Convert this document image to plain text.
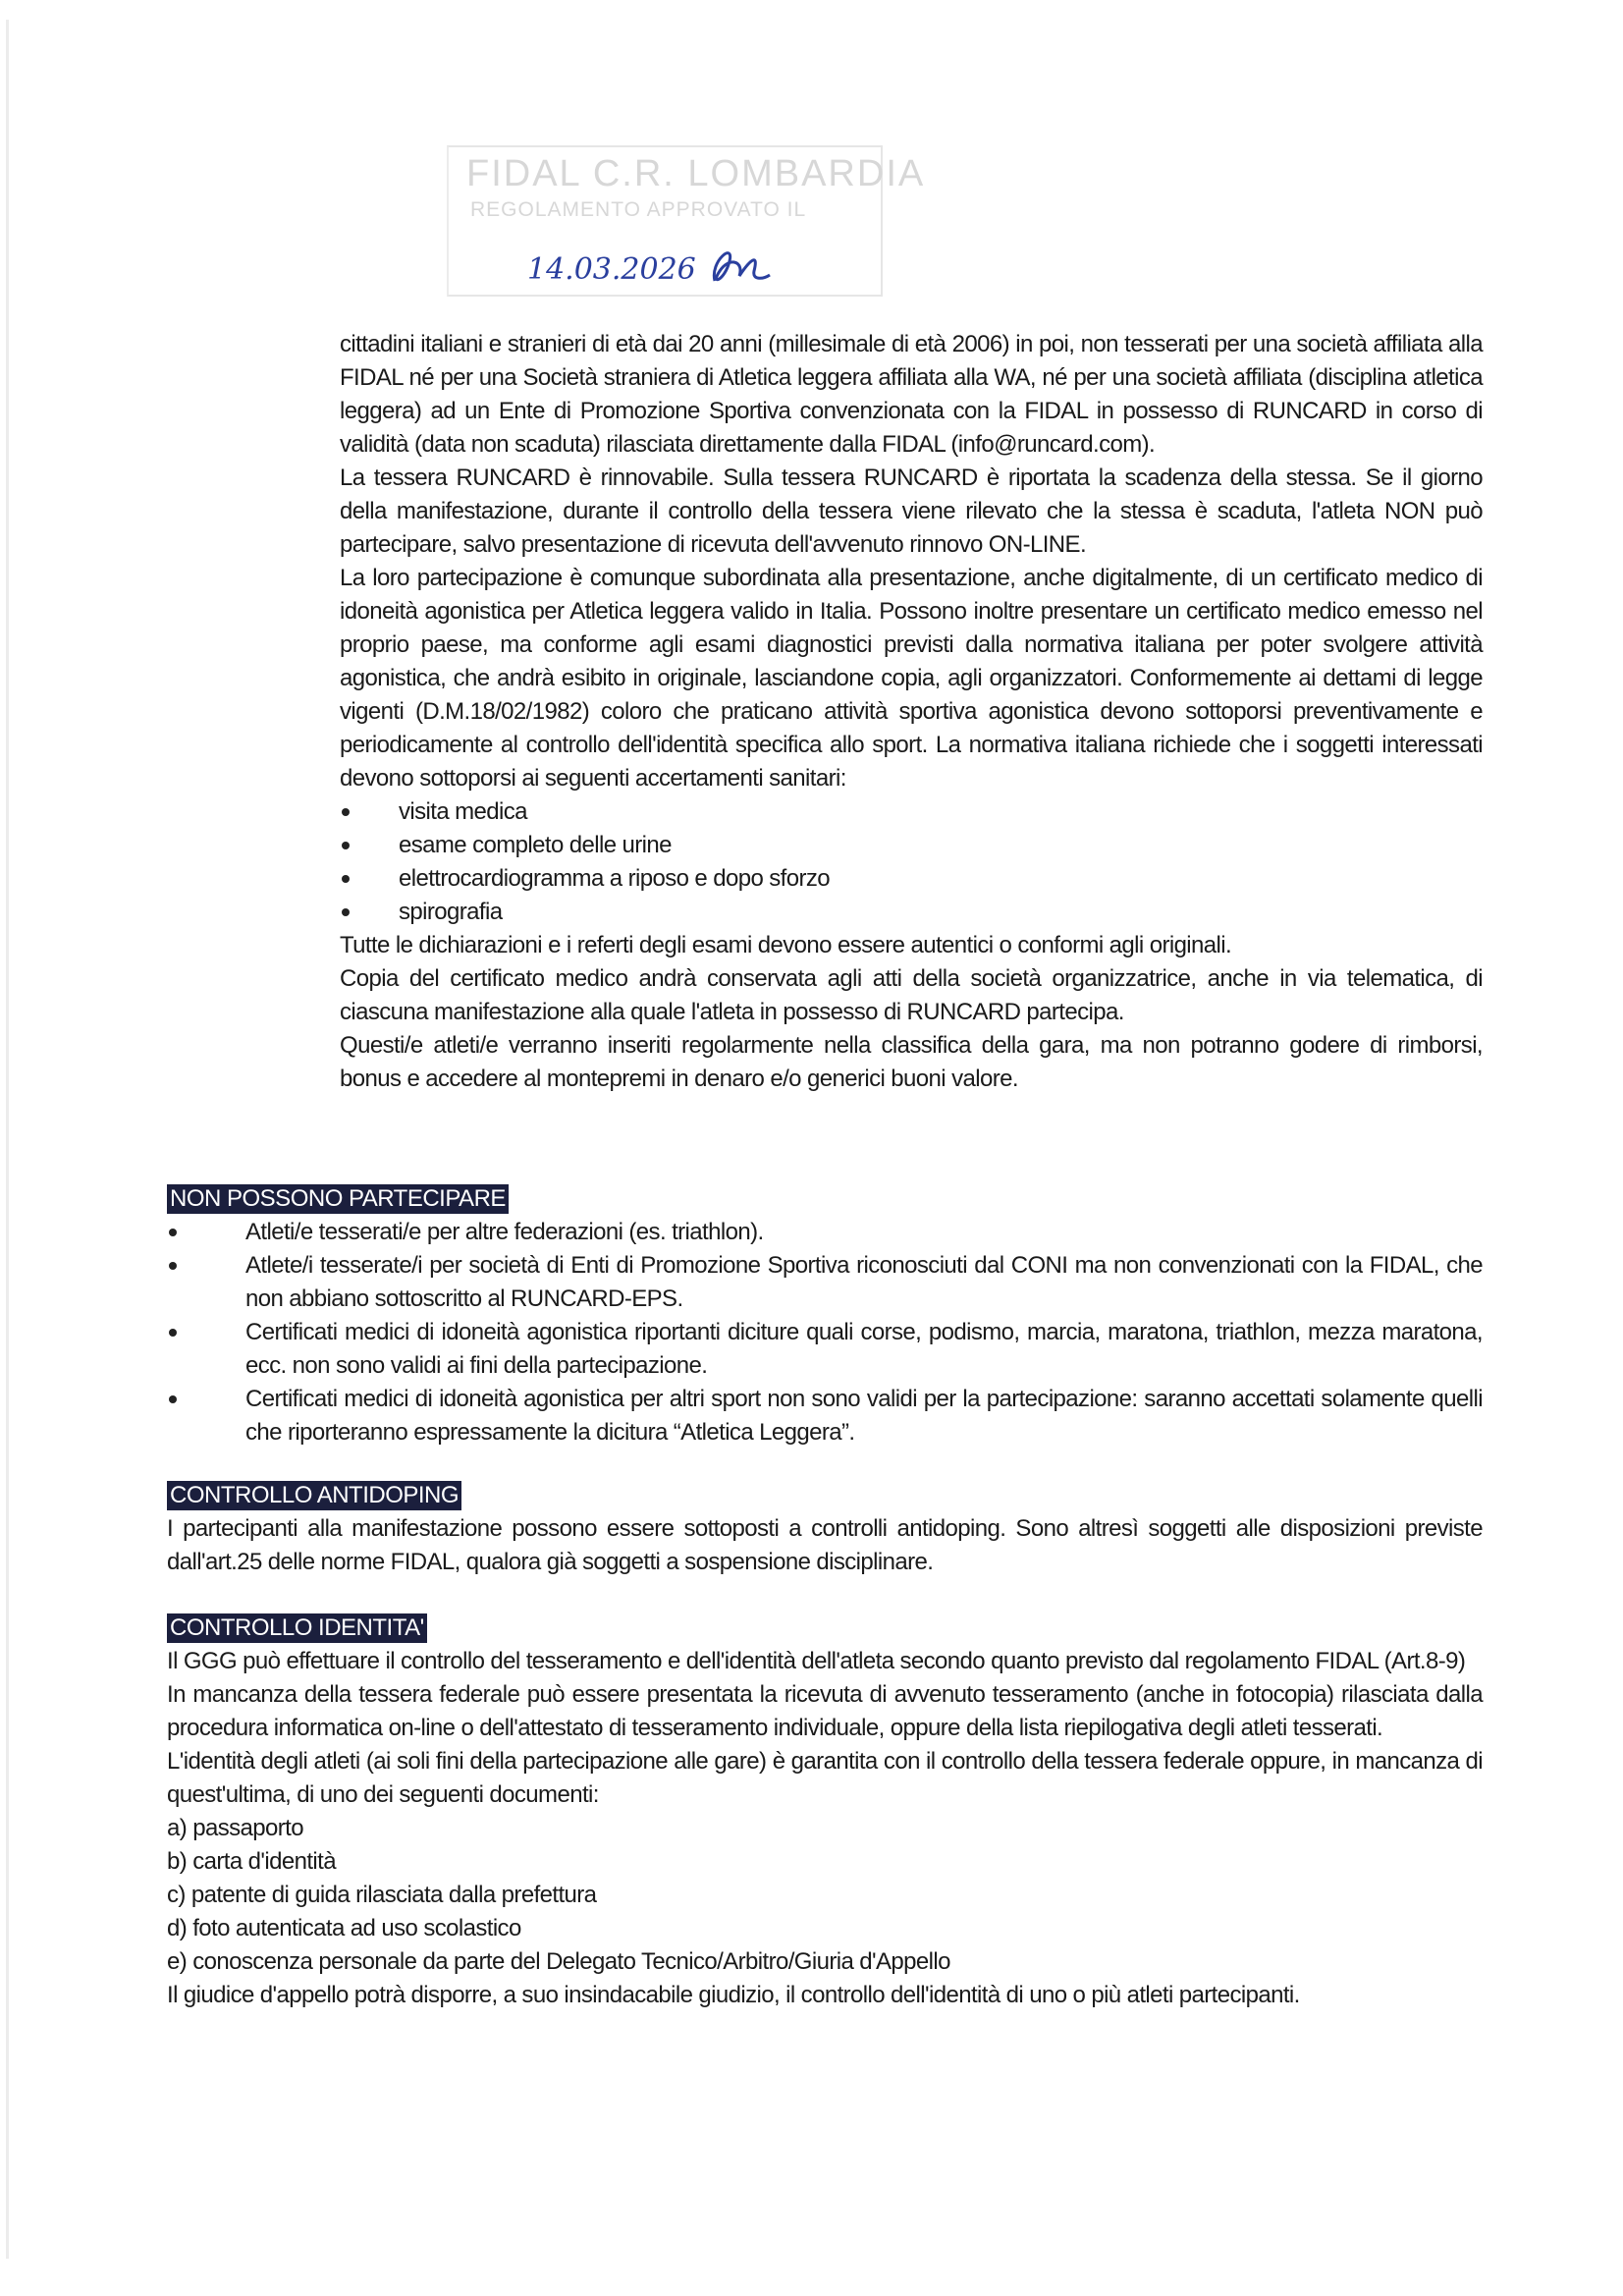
FIDAL C.R. LOMBARDIA
REGOLAMENTO APPROVATO IL
14.03.2026

cittadini italiani e stranieri di età dai 20 anni (millesimale di età 2006) in poi, non tesserati per una società affiliata alla FIDAL né per una Società straniera di Atletica leggera affiliata alla WA, né per una società affiliata (disciplina atletica leggera) ad un Ente di Promozione Sportiva convenzionata con la FIDAL in possesso di RUNCARD in corso di validità (data non scaduta) rilasciata direttamente dalla FIDAL (info@runcard.com).

La tessera RUNCARD è rinnovabile. Sulla tessera RUNCARD è riportata la scadenza della stessa. Se il giorno della manifestazione, durante il controllo della tessera viene rilevato che la stessa è scaduta, l'atleta NON può partecipare, salvo presentazione di ricevuta dell'avvenuto rinnovo ON-LINE.

La loro partecipazione è comunque subordinata alla presentazione, anche digitalmente, di un certificato medico di idoneità agonistica per Atletica leggera valido in Italia. Possono inoltre presentare un certificato medico emesso nel proprio paese, ma conforme agli esami diagnostici previsti dalla normativa italiana per poter svolgere attività agonistica, che andrà esibito in originale, lasciandone copia, agli organizzatori. Conformemente ai dettami di legge vigenti (D.M.18/02/1982) coloro che praticano attività sportiva agonistica devono sottoporsi preventivamente e periodicamente al controllo dell'identità specifica allo sport. La normativa italiana richiede che i soggetti interessati devono sottoporsi ai seguenti accertamenti sanitari:

visita medica
esame completo delle urine
elettrocardiogramma a riposo e dopo sforzo
spirografia

Tutte le dichiarazioni e i referti degli esami devono essere autentici o conformi agli originali.

Copia del certificato medico andrà conservata agli atti della società organizzatrice, anche in via telematica, di ciascuna manifestazione alla quale l'atleta in possesso di RUNCARD partecipa.

Questi/e atleti/e verranno inseriti regolarmente nella classifica della gara, ma non potranno godere di rimborsi, bonus e accedere al montepremi in denaro e/o generici buoni valore.

NON POSSONO PARTECIPARE
Atleti/e tesserati/e per altre federazioni (es. triathlon).
Atlete/i tesserate/i per società di Enti di Promozione Sportiva riconosciuti dal CONI ma non convenzionati con la FIDAL, che non abbiano sottoscritto al RUNCARD-EPS.
Certificati medici di idoneità agonistica riportanti diciture quali corse, podismo, marcia, maratona, triathlon, mezza maratona, ecc. non sono validi ai fini della partecipazione.
Certificati medici di idoneità agonistica per altri sport non sono validi per la partecipazione: saranno accettati solamente quelli che riporteranno espressamente la dicitura “Atletica Leggera”.
CONTROLLO ANTIDOPING

I partecipanti alla manifestazione possono essere sottoposti a controlli antidoping. Sono altresì soggetti alle disposizioni previste dall'art.25 delle norme FIDAL, qualora già soggetti a sospensione disciplinare.

CONTROLLO IDENTITA'

Il GGG può effettuare il controllo del tesseramento e dell'identità dell'atleta secondo quanto previsto dal regolamento FIDAL (Art.8-9)

In mancanza della tessera federale può essere presentata la ricevuta di avvenuto tesseramento (anche in fotocopia) rilasciata dalla procedura informatica on-line o dell'attestato di tesseramento individuale, oppure della lista riepilogativa degli atleti tesserati.

L'identità degli atleti (ai soli fini della partecipazione alle gare) è garantita con il controllo della tessera federale oppure, in mancanza di quest'ultima, di uno dei seguenti documenti:

a) passaporto
b) carta d'identità
c) patente di guida rilasciata dalla prefettura
d) foto autenticata ad uso scolastico
e) conoscenza personale da parte del Delegato Tecnico/Arbitro/Giuria d'Appello

Il giudice d'appello potrà disporre, a suo insindacabile giudizio, il controllo dell'identità di uno o più atleti partecipanti.
